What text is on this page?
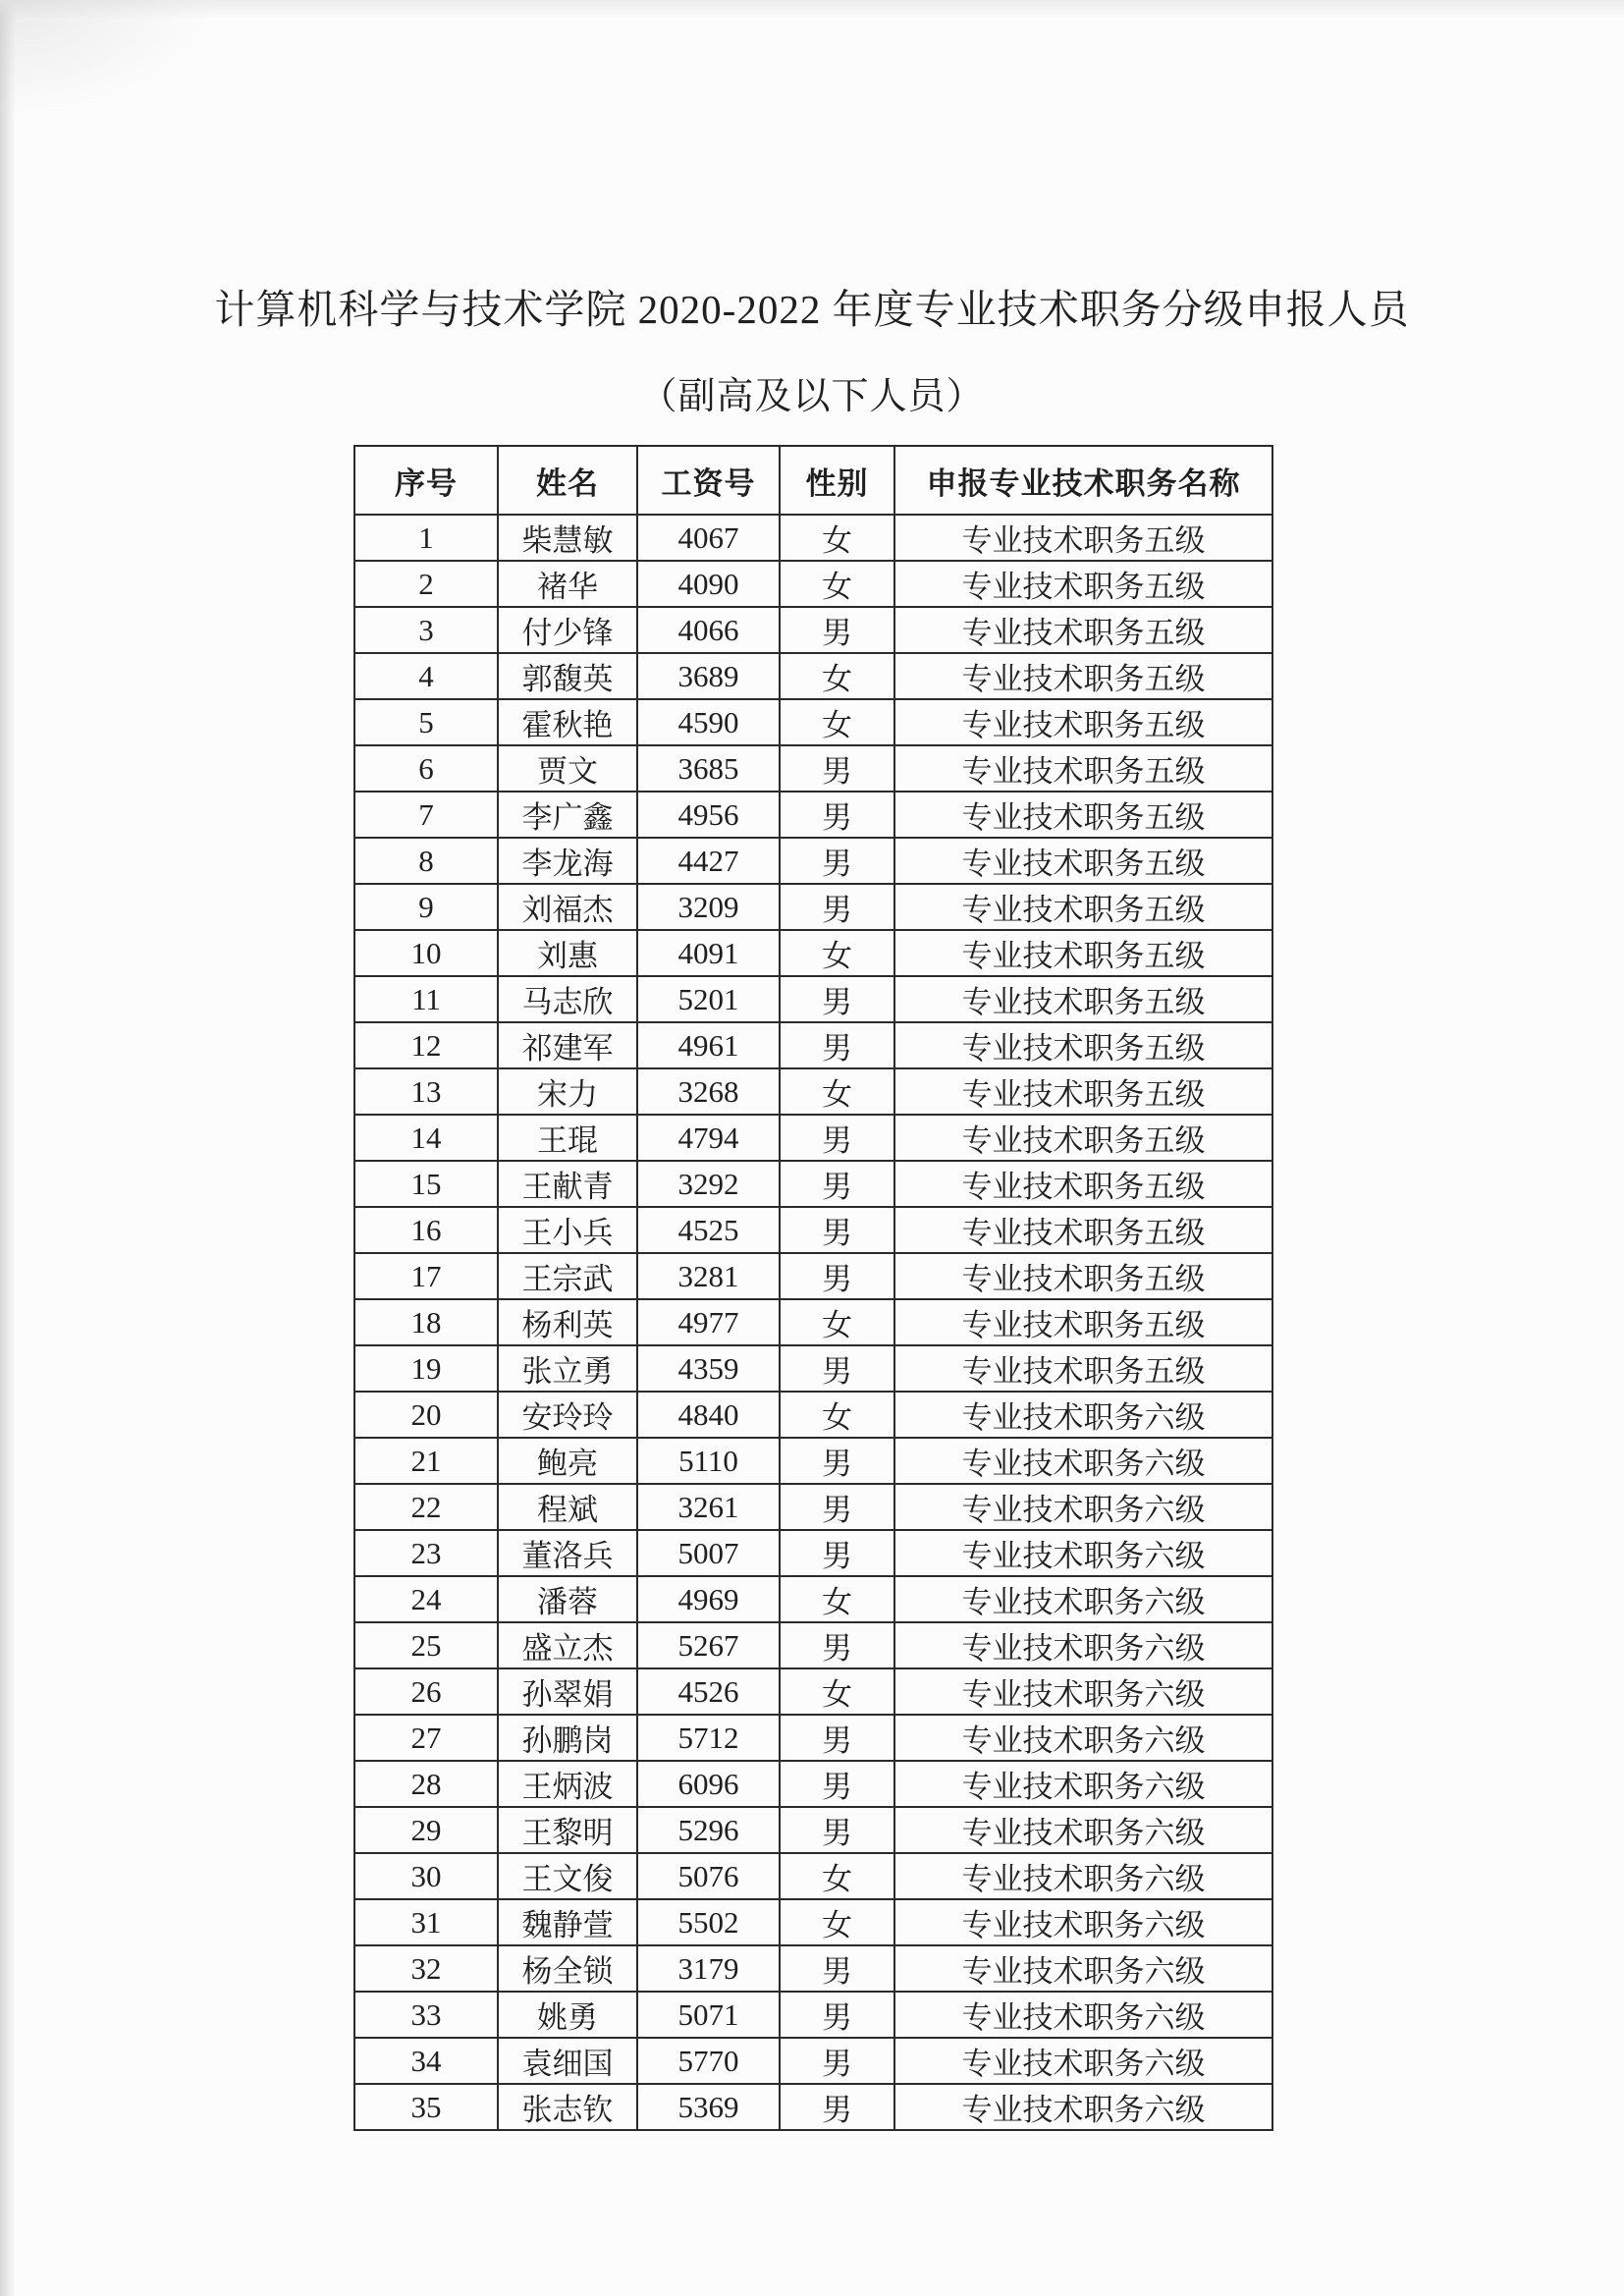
计算机科学与技术学院 2020-2022 年度专业技术职务分级申报人员
（副高及以下人员）
序号	姓名	工资号	性别	申报专业技术职务名称
1	柴慧敏	4067	女	专业技术职务五级
2	褚华	4090	女	专业技术职务五级
3	付少锋	4066	男	专业技术职务五级
4	郭馥英	3689	女	专业技术职务五级
5	霍秋艳	4590	女	专业技术职务五级
6	贾文	3685	男	专业技术职务五级
7	李广鑫	4956	男	专业技术职务五级
8	李龙海	4427	男	专业技术职务五级
9	刘福杰	3209	男	专业技术职务五级
10	刘惠	4091	女	专业技术职务五级
11	马志欣	5201	男	专业技术职务五级
12	祁建军	4961	男	专业技术职务五级
13	宋力	3268	女	专业技术职务五级
14	王琨	4794	男	专业技术职务五级
15	王献青	3292	男	专业技术职务五级
16	王小兵	4525	男	专业技术职务五级
17	王宗武	3281	男	专业技术职务五级
18	杨利英	4977	女	专业技术职务五级
19	张立勇	4359	男	专业技术职务五级
20	安玲玲	4840	女	专业技术职务六级
21	鲍亮	5110	男	专业技术职务六级
22	程斌	3261	男	专业技术职务六级
23	董洛兵	5007	男	专业技术职务六级
24	潘蓉	4969	女	专业技术职务六级
25	盛立杰	5267	男	专业技术职务六级
26	孙翠娟	4526	女	专业技术职务六级
27	孙鹏岗	5712	男	专业技术职务六级
28	王炳波	6096	男	专业技术职务六级
29	王黎明	5296	男	专业技术职务六级
30	王文俊	5076	女	专业技术职务六级
31	魏静萱	5502	女	专业技术职务六级
32	杨全锁	3179	男	专业技术职务六级
33	姚勇	5071	男	专业技术职务六级
34	袁细国	5770	男	专业技术职务六级
35	张志钦	5369	男	专业技术职务六级
